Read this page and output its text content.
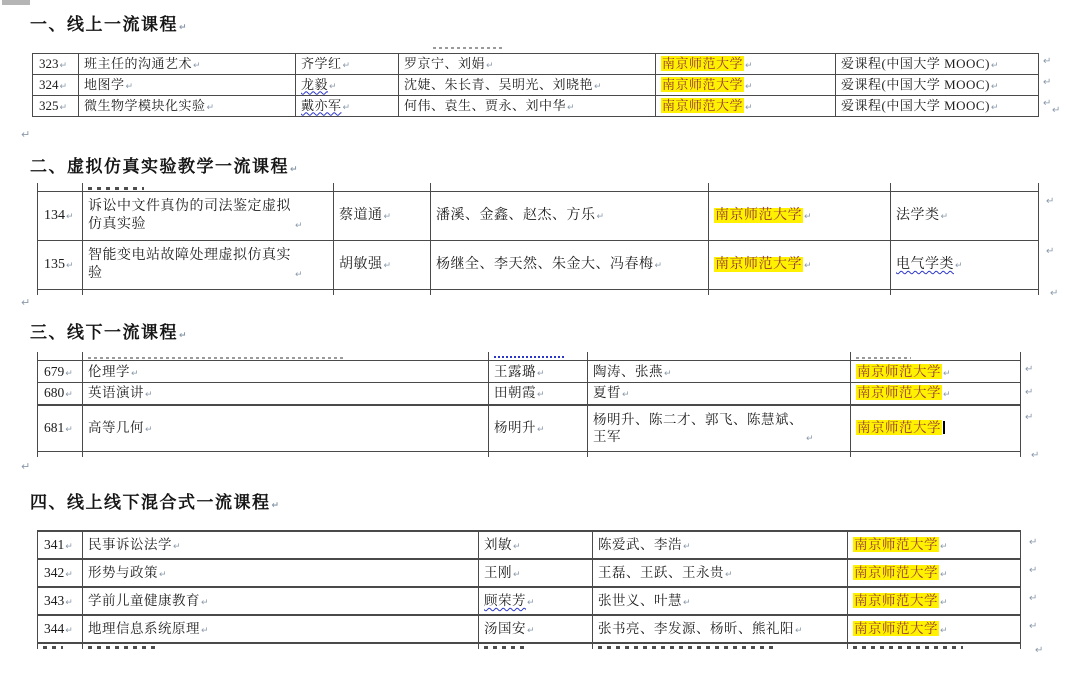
一、线上一流课程↵
323↵	班主任的沟通艺术↵	齐学红↵	罗京宁、刘娟↵	南京师范大学 ↵	爱课程(中国大学 MOOC)↵
324↵	地图学↵	龙毅↵	沈婕、朱长青、吴明光、刘晓艳↵	南京师范大学 ↵	爱课程(中国大学 MOOC)↵
325↵	微生物学模块化实验↵	戴亦军↵	何伟、袁生、贾永、刘中华↵	南京师范大学 ↵	爱课程(中国大学 MOOC)↵
↵
↵
↵
↵
↵
二、虚拟仿真实验教学一流课程↵

134↵	诉讼中文件真伪的司法鉴定虚拟仿真实验 ↵	蔡道通↵	潘溪、金鑫、赵杰、方乐↵	南京师范大学 ↵	法学类↵
135↵	智能变电站故障处理虚拟仿真实验 ↵	胡敏强↵	杨继全、李天然、朱金大、冯春梅↵	南京师范大学 ↵	电气学类↵

↵
↵
↵
↵
三、线下一流课程↵

679↵	伦理学↵	王露璐↵	陶涛、张燕↵	南京师范大学 ↵
680↵	英语演讲↵	田朝霞↵	夏晢↵	南京师范大学 ↵
681↵	高等几何↵	杨明升↵	杨明升、陈二才、郭飞、陈慧斌、王军 ↵	南京师范大学

↵
↵
↵
↵
↵
四、线上线下混合式一流课程↵
341↵	民事诉讼法学↵	刘敏↵	陈爱武、李浩↵	南京师范大学 ↵
342↵	形势与政策↵	王刚↵	王磊、王跃、王永贵↵	南京师范大学 ↵
343↵	学前儿童健康教育↵	顾荣芳↵	张世义、叶慧↵	南京师范大学 ↵
344↵	地理信息系统原理↵	汤国安↵	张书亮、李发源、杨昕、熊礼阳↵	南京师范大学 ↵

↵
↵
↵
↵
↵
